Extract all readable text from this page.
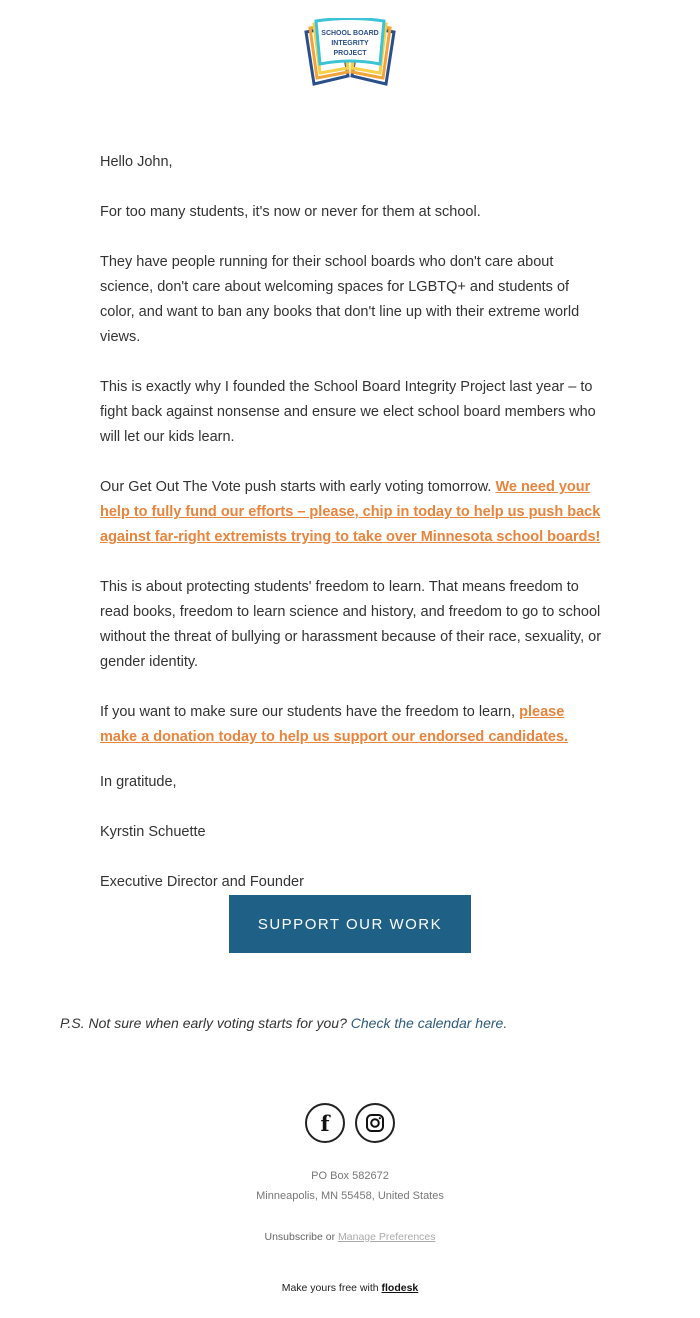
SCHOOL BOARD
INTEGRITY
PROJECT

Hello John,

For too many students, it's now or never for them at school.

They have people running for their school boards who don't care about science, don't care about welcoming spaces for LGBTQ+ and students of color, and want to ban any books that don't line up with their extreme world views.

This is exactly why I founded the School Board Integrity Project last year – to fight back against nonsense and ensure we elect school board members who will let our kids learn.

Our Get Out The Vote push starts with early voting tomorrow. We need your help to fully fund our efforts – please, chip in today to help us push back against far-right extremists trying to take over Minnesota school boards!

This is about protecting students' freedom to learn. That means freedom to read books, freedom to learn science and history, and freedom to go to school without the threat of bullying or harassment because of their race, sexuality, or gender identity.

If you want to make sure our students have the freedom to learn, please make a donation today to help us support our endorsed candidates.

In gratitude,

Kyrstin Schuette

Executive Director and Founder

SUPPORT OUR WORK
P.S. Not sure when early voting starts for you? Check the calendar here.
f
PO Box 582672
Minneapolis, MN 55458, United States
Unsubscribe or Manage Preferences
Make yours free with flodesk
